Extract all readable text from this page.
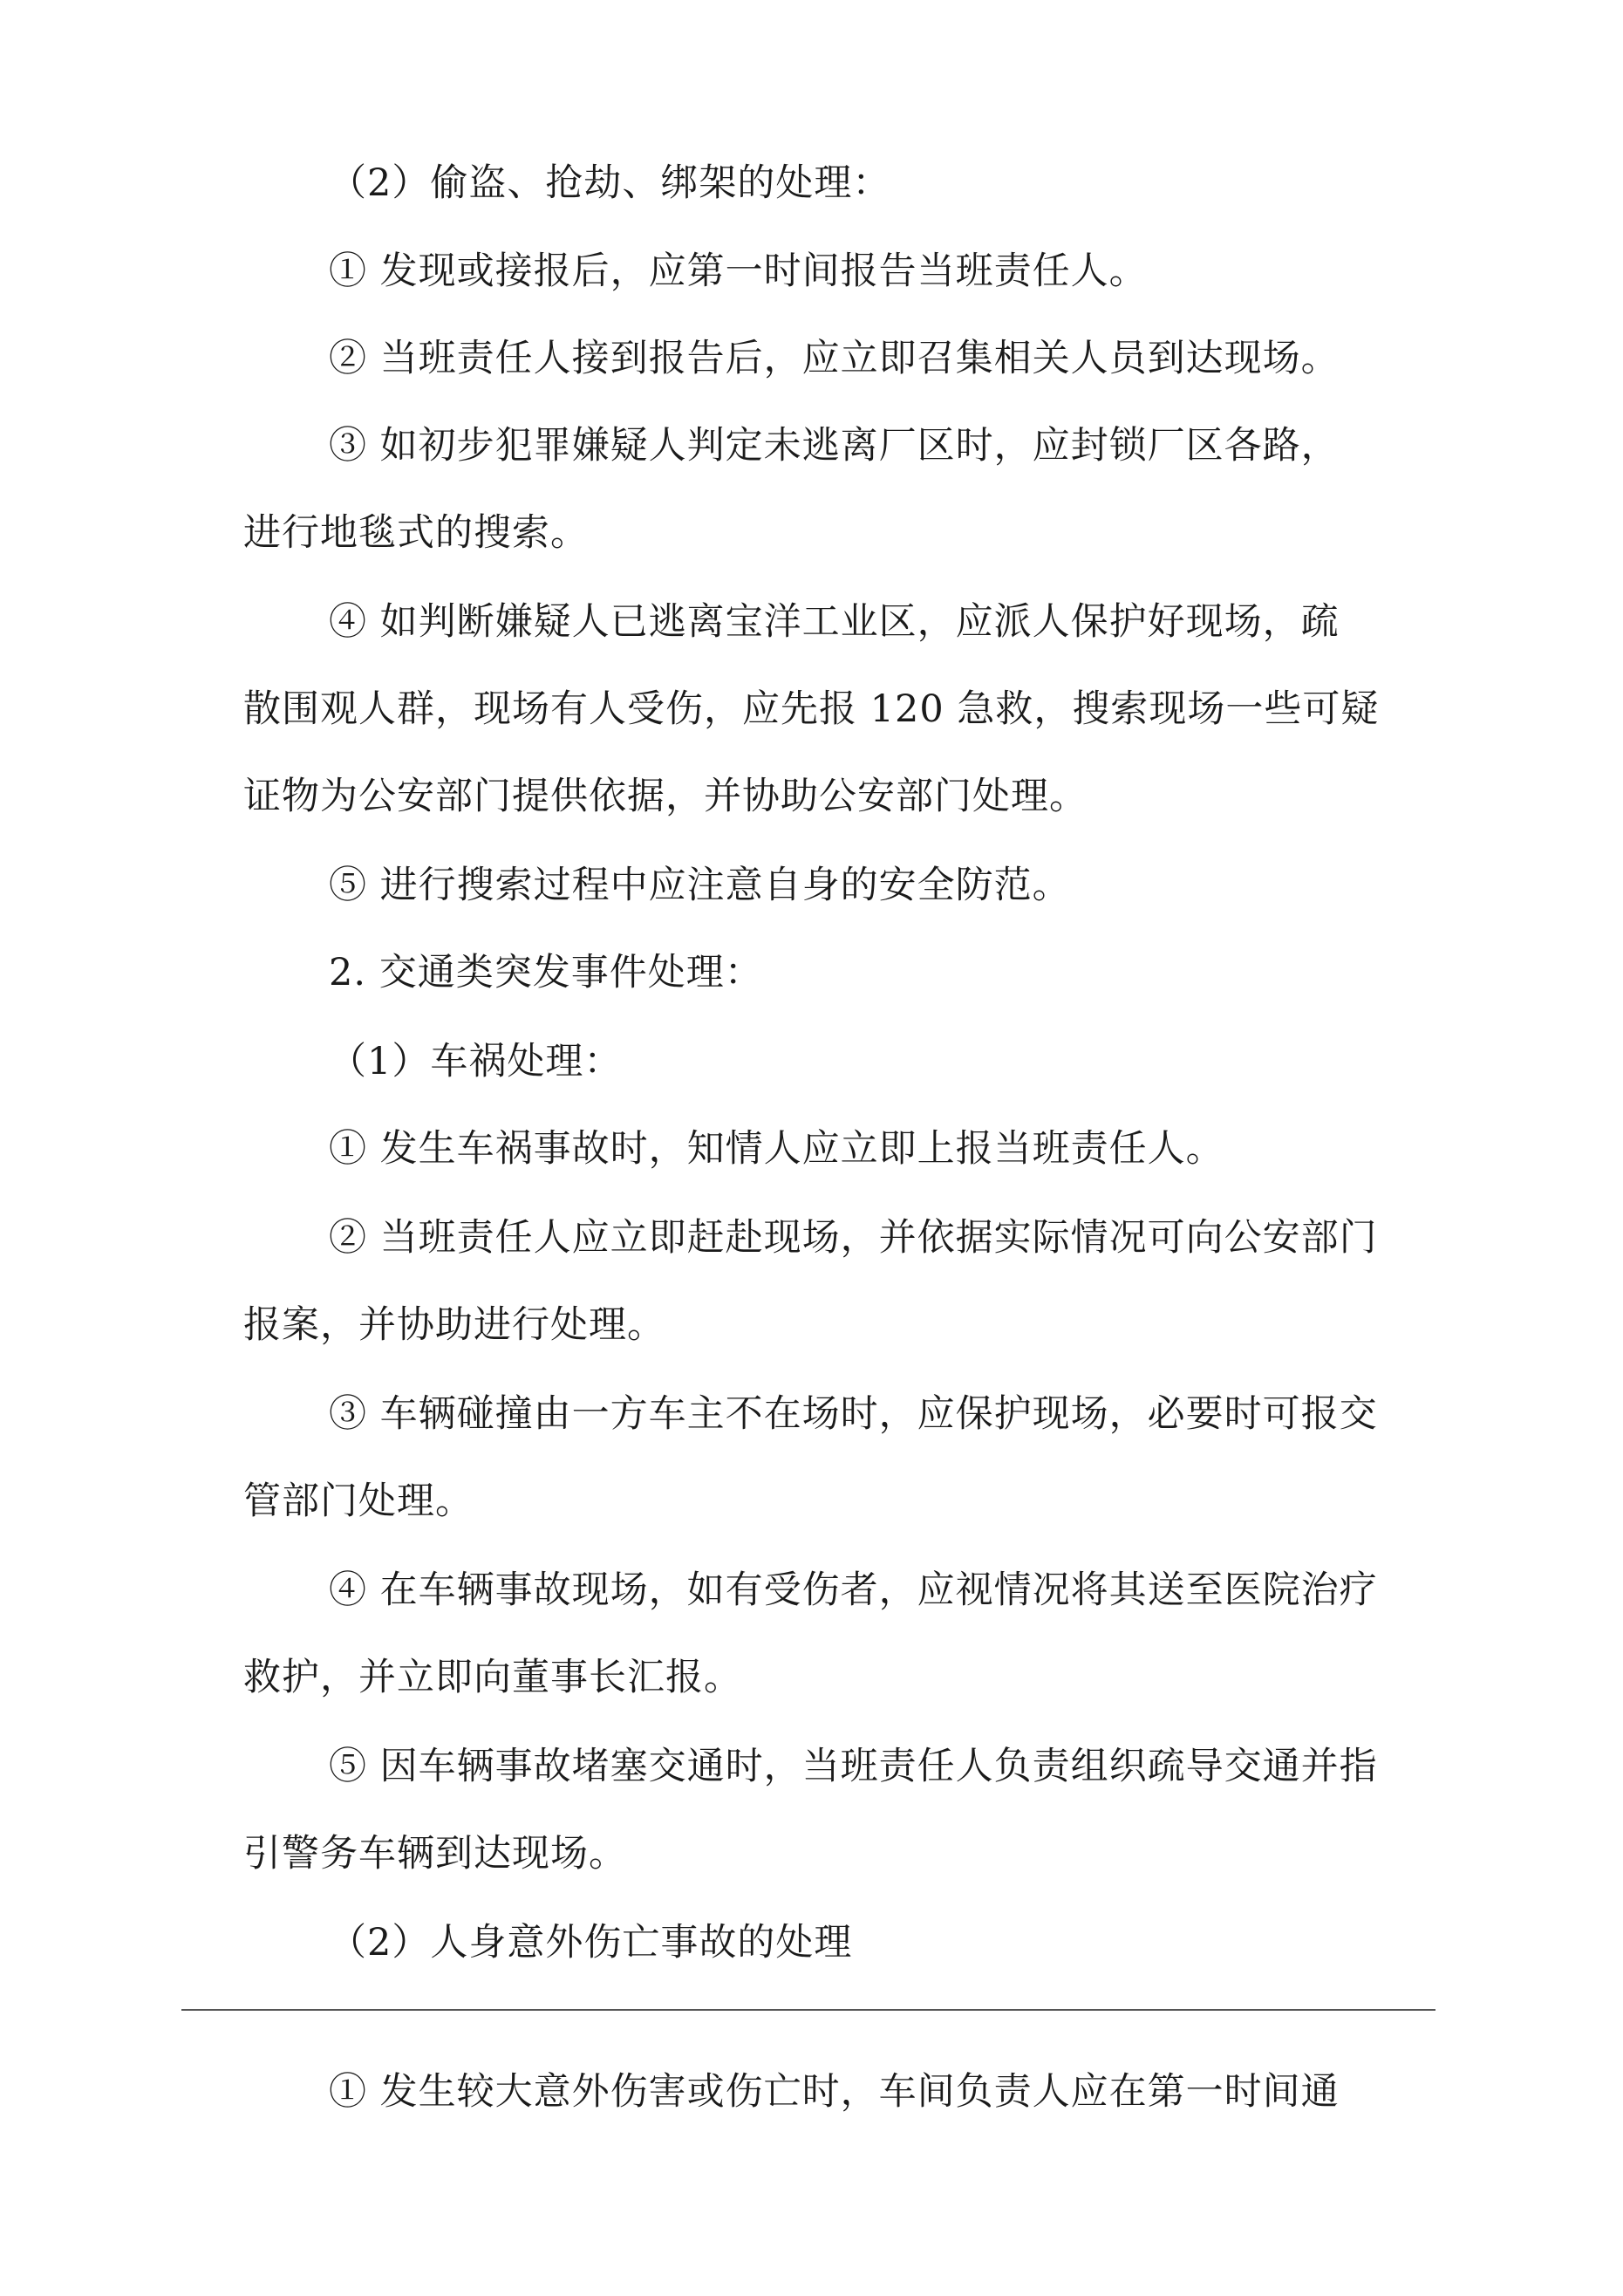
（2）偷盗、抢劫、绑架的处理：
① 发现或接报后，应第一时间报告当班责任人。
② 当班责任人接到报告后，应立即召集相关人员到达现场。
③ 如初步犯罪嫌疑人判定未逃离厂区时，应封锁厂区各路，
进行地毯式的搜索。
④ 如判断嫌疑人已逃离宝洋工业区，应派人保护好现场，疏
散围观人群，现场有人受伤，应先报 120 急救，搜索现场一些可疑
证物为公安部门提供依据，并协助公安部门处理。
⑤ 进行搜索过程中应注意自身的安全防范。
2. 交通类突发事件处理：
（1）车祸处理：
① 发生车祸事故时，知情人应立即上报当班责任人。
② 当班责任人应立即赶赴现场，并依据实际情况可向公安部门
报案，并协助进行处理。
③ 车辆碰撞由一方车主不在场时，应保护现场，必要时可报交
管部门处理。
④ 在车辆事故现场，如有受伤者，应视情况将其送至医院治疗
救护，并立即向董事长汇报。
⑤ 因车辆事故堵塞交通时，当班责任人负责组织疏导交通并指
引警务车辆到达现场。
（2）人身意外伤亡事故的处理
① 发生较大意外伤害或伤亡时，车间负责人应在第一时间通
